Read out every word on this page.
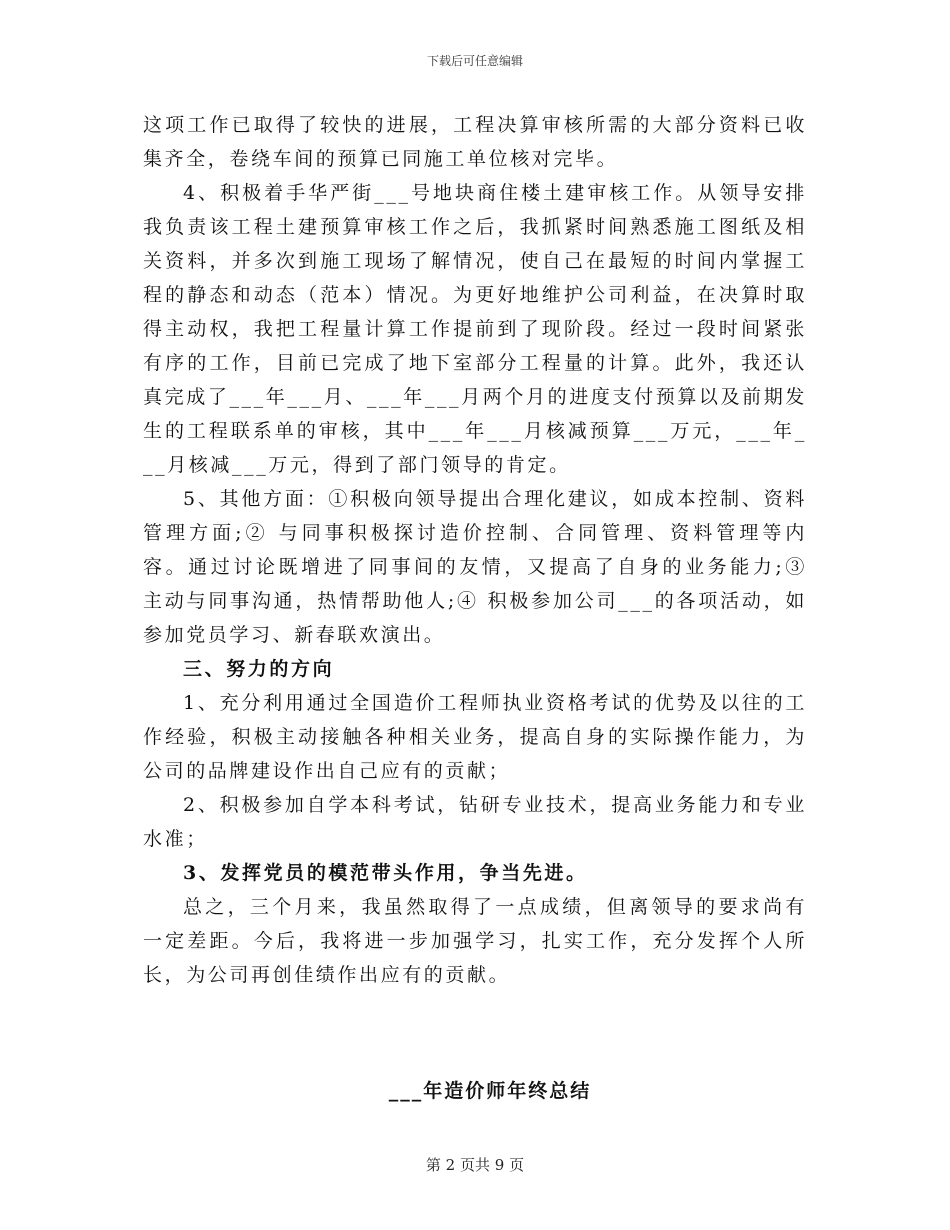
下载后可任意编辑

这项工作已取得了较快的进展，工程决算审核所需的大部分资料已收集齐全，卷绕车间的预算已同施工单位核对完毕。

4、积极着手华严街___号地块商住楼土建审核工作。从领导安排我负责该工程土建预算审核工作之后，我抓紧时间熟悉施工图纸及相关资料，并多次到施工现场了解情况，使自己在最短的时间内掌握工程的静态和动态（范本）情况。为更好地维护公司利益，在决算时取得主动权，我把工程量计算工作提前到了现阶段。经过一段时间紧张有序的工作，目前已完成了地下室部分工程量的计算。此外，我还认真完成了___年___月、___年___月两个月的进度支付预算以及前期发生的工程联系单的审核，其中___年___月核减预算___万元，___年___月核减___万元，得到了部门领导的肯定。

5、其他方面：①积极向领导提出合理化建议，如成本控制、资料管理方面;② 与同事积极探讨造价控制、合同管理、资料管理等内容。通过讨论既增进了同事间的友情，又提高了自身的业务能力;③ 主动与同事沟通，热情帮助他人;④ 积极参加公司___的各项活动，如参加党员学习、新春联欢演出。

三、努力的方向

1、充分利用通过全国造价工程师执业资格考试的优势及以往的工作经验，积极主动接触各种相关业务，提高自身的实际操作能力，为公司的品牌建设作出自己应有的贡献；

2、积极参加自学本科考试，钻研专业技术，提高业务能力和专业水准；

3、发挥党员的模范带头作用，争当先进。

总之，三个月来，我虽然取得了一点成绩，但离领导的要求尚有一定差距。今后，我将进一步加强学习，扎实工作，充分发挥个人所长，为公司再创佳绩作出应有的贡献。

___年造价师年终总结
第 2 页共 9 页
